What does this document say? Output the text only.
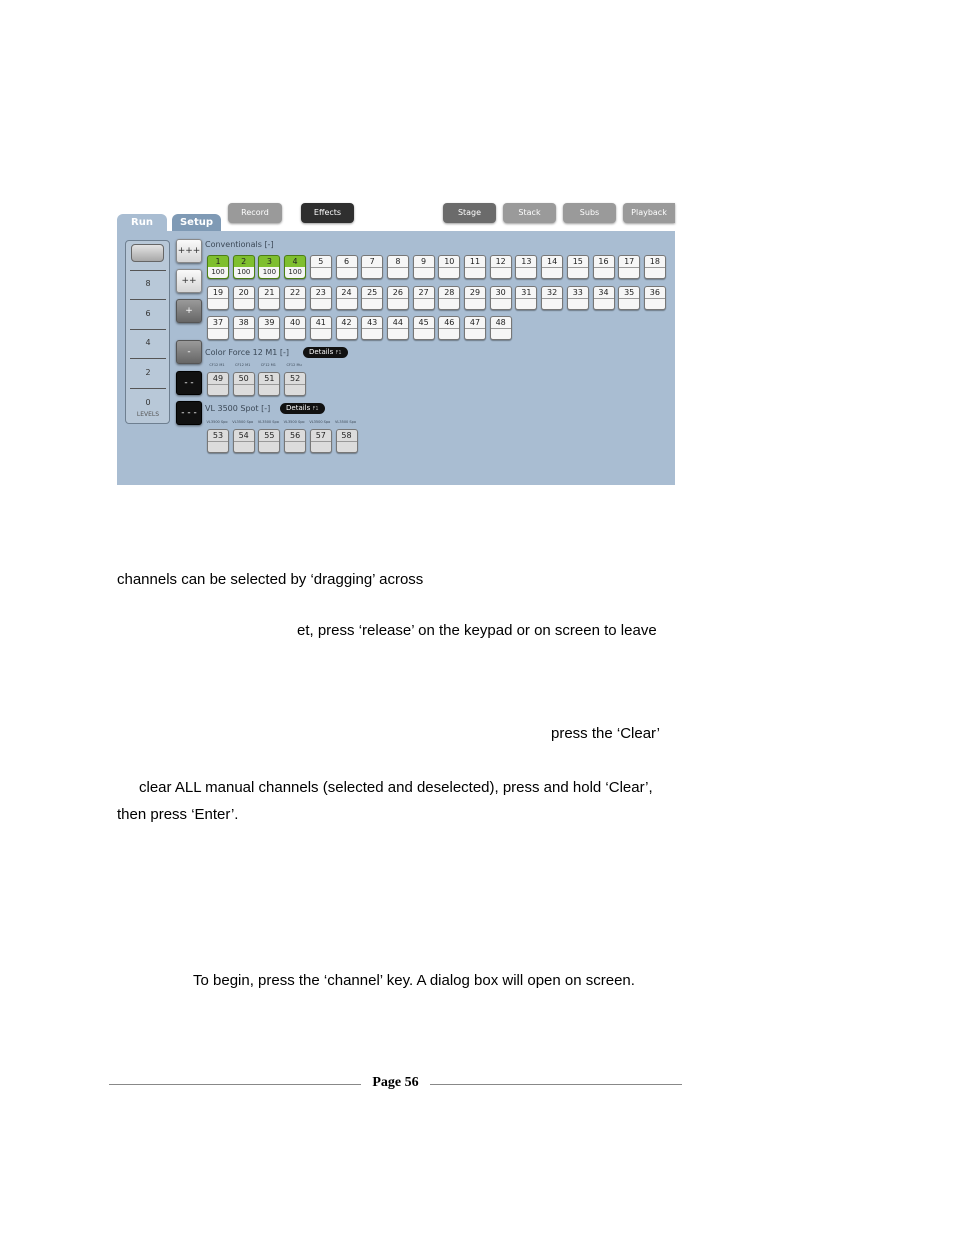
Run	Setup
Record	Effects	Stage	Stack	Subs	Playback
8
6
4
2
0
LEVELS
+++
++
+
-
- -
- - -
Conventionals [-]
Color Force 12 M1 [-]	Details F1
VL 3500 Spot [-]	Details F1
1
100
2
100
3
100
4
100
5	6	7	8	9	10	11	12	13	14	15	16	17	18
19	20	21	22	23	24	25	26	27	28	29	30	31	32	33	34	35	36
37	38	39	40	41	42	43	44	45	46	47	48
CF12 M1	CF12 M1	CF12 M1	CF12 Mu
49	50	51	52
VL3500 Spo	VL3500 Spo	VL3500 Spo	VL3500 Spo	VL3500 Spo	VL3500 Spo
53	54	55	56	57	58
channels can be selected by ‘dragging’ across
et, press ‘release’ on the keypad or on screen to leave
press the ‘Clear’
clear ALL manual channels (selected and deselected), press and hold ‘Clear’,
then press ‘Enter’.
To begin, press the ‘channel’ key. A dialog box will open on screen.
Page 56
